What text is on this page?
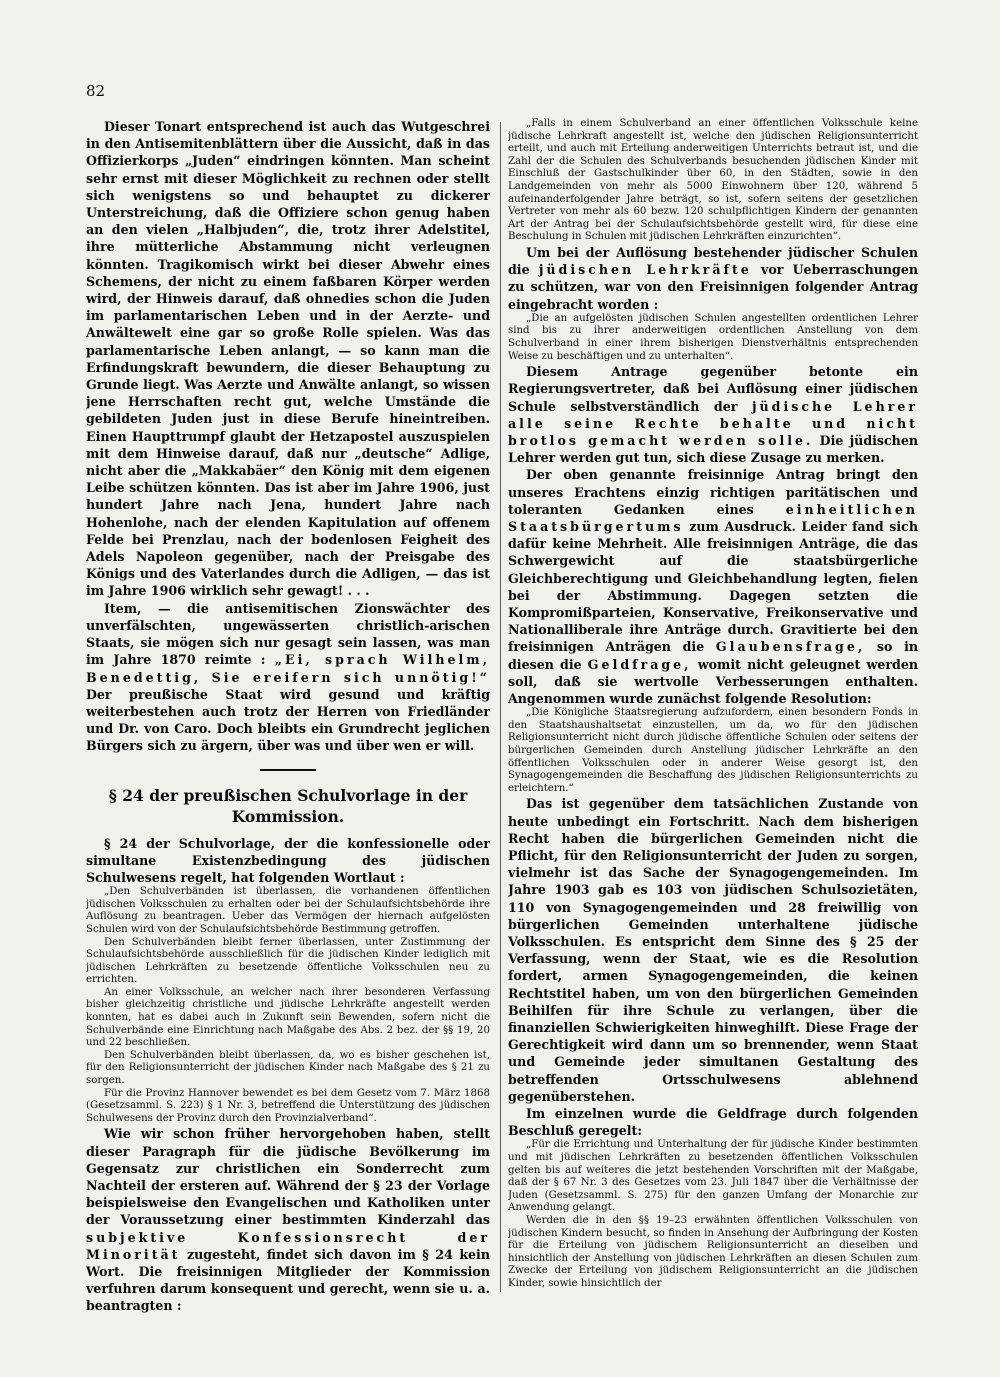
82

Dieser Tonart entsprechend ist auch das Wutgeschrei in den Antisemitenblättern über die Aussicht, daß in das Offizierkorps „Juden“ eindringen könnten. Man scheint sehr ernst mit dieser Möglichkeit zu rechnen oder stellt sich wenigstens so und behauptet zu dickerer Unterstreichung, daß die Offiziere schon genug haben an den vielen „Halbjuden“, die, trotz ihrer Adelstitel, ihre mütterliche Abstammung nicht verleugnen könnten. Tragikomisch wirkt bei dieser Abwehr eines Schemens, der nicht zu einem faßbaren Körper werden wird, der Hinweis darauf, daß ohnedies schon die Juden im parlamentarischen Leben und in der Aerzte- und Anwältewelt eine gar so große Rolle spielen. Was das parlamentarische Leben anlangt, — so kann man die Erfindungskraft bewundern, die dieser Behauptung zu Grunde liegt. Was Aerzte und Anwälte anlangt, so wissen jene Herrschaften recht gut, welche Umstände die gebildeten Juden just in diese Berufe hineintreiben. Einen Haupttrumpf glaubt der Hetzapostel auszuspielen mit dem Hinweise darauf, daß nur „deutsche“ Adlige, nicht aber die „Makkabäer“ den König mit dem eigenen Leibe schützen könnten. Das ist aber im Jahre 1906, just hundert Jahre nach Jena, hundert Jahre nach Hohenlohe, nach der elenden Kapitulation auf offenem Felde bei Prenzlau, nach der bodenlosen Feigheit des Adels Napoleon gegenüber, nach der Preisgabe des Königs und des Vaterlandes durch die Adligen, — das ist im Jahre 1906 wirklich sehr gewagt! . . .

Item, — die antisemitischen Zionswächter des unverfälschten, ungewässerten christlich-arischen Staats, sie mögen sich nur gesagt sein lassen, was man im Jahre 1870 reimte : „Ei, sprach Wilhelm, Benedettig, Sie ereifern sich unnötig!“ Der preußische Staat wird gesund und kräftig weiterbestehen auch trotz der Herren von Friedländer und Dr. von Caro. Doch bleibts ein Grundrecht jeglichen Bürgers sich zu ärgern, über was und über wen er will.

§ 24 der preußischen Schulvorlage in der Kommission.

§ 24 der Schulvorlage, der die konfessionelle oder simultane Existenzbedingung des jüdischen Schulwesens regelt, hat folgenden Wortlaut :

„Den Schulverbänden ist überlassen, die vorhandenen öffentlichen jüdischen Volksschulen zu erhalten oder bei der Schulaufsichtsbehörde ihre Auflösung zu beantragen. Ueber das Vermögen der hiernach aufgelösten Schulen wird von der Schulaufsichtsbehörde Bestimmung getroffen.

Den Schulverbänden bleibt ferner überlassen, unter Zustimmung der Schulaufsichtsbehörde ausschließlich für die jüdischen Kinder lediglich mit jüdischen Lehrkräften zu besetzende öffentliche Volksschulen neu zu errichten.

An einer Volksschule, an welcher nach ihrer besonderen Verfassung bisher gleichzeitig christliche und jüdische Lehrkräfte angestellt werden konnten, hat es dabei auch in Zukunft sein Bewenden, sofern nicht die Schulverbände eine Einrichtung nach Maßgabe des Abs. 2 bez. der §§ 19, 20 und 22 beschließen.

Den Schulverbänden bleibt überlassen, da, wo es bisher geschehen ist, für den Religionsunterricht der jüdischen Kinder nach Maßgabe des § 21 zu sorgen.

Für die Provinz Hannover bewendet es bei dem Gesetz vom 7. März 1868 (Gesetzsamml. S. 223) § 1 Nr. 3, betreffend die Unterstützung des jüdischen Schulwesens der Provinz durch den Provinzialverband“.

Wie wir schon früher hervorgehoben haben, stellt dieser Paragraph für die jüdische Bevölkerung im Gegensatz zur christlichen ein Sonderrecht zum Nachteil der ersteren auf. Während der § 23 der Vorlage beispielsweise den Evangelischen und Katholiken unter der Voraussetzung einer bestimmten Kinderzahl das subjektive Konfessionsrecht der Minorität zugesteht, findet sich davon im § 24 kein Wort. Die freisinnigen Mitglieder der Kommission verfuhren darum konsequent und gerecht, wenn sie u. a. beantragten :

„Falls in einem Schulverband an einer öffentlichen Volksschule keine jüdische Lehrkraft angestellt ist, welche den jüdischen Religionsunterricht erteilt, und auch mit Erteilung anderweitigen Unterrichts betraut ist, und die Zahl der die Schulen des Schulverbands besuchenden jüdischen Kinder mit Einschluß der Gastschulkinder über 60, in den Städten, sowie in den Landgemeinden von mehr als 5000 Einwohnern über 120, während 5 aufeinanderfolgender Jahre beträgt, so ist, sofern seitens der gesetzlichen Vertreter von mehr als 60 bezw. 120 schulpflichtigen Kindern der genannten Art der Antrag bei der Schulaufsichtsbehörde gestellt wird, für diese eine Beschulung in Schulen mit jüdischen Lehrkräften einzurichten“.

Um bei der Auflösung bestehender jüdischer Schulen die jüdischen Lehrkräfte vor Ueberraschungen zu schützen, war von den Freisinnigen folgender Antrag eingebracht worden :

„Die an aufgelösten jüdischen Schulen angestellten ordentlichen Lehrer sind bis zu ihrer anderweitigen ordentlichen Anstellung von dem Schulverband in einer ihrem bisherigen Dienstverhältnis entsprechenden Weise zu beschäftigen und zu unterhalten“.

Diesem Antrage gegenüber betonte ein Regierungsvertreter, daß bei Auflösung einer jüdischen Schule selbstverständlich der jüdische Lehrer alle seine Rechte behalte und nicht brotlos gemacht werden solle. Die jüdischen Lehrer werden gut tun, sich diese Zusage zu merken.

Der oben genannte freisinnige Antrag bringt den unseres Erachtens einzig richtigen paritätischen und toleranten Gedanken eines	einheitlichen Staatsbürgertums zum Ausdruck. Leider fand sich dafür keine Mehrheit. Alle freisinnigen Anträge, die das Schwergewicht auf die staatsbürgerliche Gleichberechtigung und Gleichbehandlung legten, fielen bei der Abstimmung. Dagegen setzten die Kompromißparteien, Konservative, Freikonservative und Nationalliberale ihre Anträge durch. Gravitierte bei den freisinnigen Anträgen die Glaubensfrage, so in diesen die Geldfrage, womit nicht geleugnet werden soll, daß sie wertvolle Verbesserungen enthalten. Angenommen wurde zunächst folgende Resolution:

„Die Königliche Staatsregierung aufzufordern, einen besondern Fonds in den Staatshaushaltsetat einzustellen, um da, wo für den jüdischen Religionsunterricht nicht durch jüdische öffentliche Schulen oder seitens der bürgerlichen Gemeinden durch Anstellung jüdischer Lehrkräfte an den öffentlichen Volksschulen oder in anderer Weise gesorgt ist, den Synagogengemeinden die Beschaffung des jüdischen Religionsunterrichts zu erleichtern.“

Das ist gegenüber dem tatsächlichen Zustande von heute unbedingt ein Fortschritt. Nach dem bisherigen Recht haben die bürgerlichen Gemeinden nicht die Pflicht, für den Religionsunterricht der Juden zu sorgen, vielmehr ist das Sache der Synagogengemeinden. Im Jahre 1903 gab es 103 von jüdischen Schulsozietäten, 110 von Synagogengemeinden und 28 freiwillig von bürgerlichen Gemeinden unterhaltene jüdische Volksschulen. Es entspricht dem Sinne des § 25 der Verfassung, wenn der Staat, wie es die Resolution fordert, armen Synagogengemeinden, die keinen Rechtstitel haben, um von den bürgerlichen Gemeinden Beihilfen für ihre Schule zu verlangen, über die finanziellen Schwierigkeiten hinweghilft. Diese Frage der Gerechtigkeit wird dann um so brennender, wenn Staat und Gemeinde jeder simultanen Gestaltung des betreffenden Ortsschulwesens ablehnend gegenüberstehen.

Im einzelnen wurde die Geldfrage durch folgenden Beschluß geregelt:

„Für die Errichtung und Unterhaltung der für jüdische Kinder bestimmten und mit jüdischen Lehrkräften zu besetzenden öffentlichen Volksschulen gelten bis auf weiteres die jetzt bestehenden Vorschriften mit der Maßgabe, daß der § 67 Nr. 3 des Gesetzes vom 23. Juli 1847 über die Verhältnisse der Juden (Gesetzsamml. S. 275) für den ganzen Umfang der Monarchie zur Anwendung gelangt.

Werden die in den §§ 19–23 erwähnten öffentlichen Volksschulen von jüdischen Kindern besucht, so finden in Ansehung der Aufbringung der Kosten für die Erteilung von jüdischem Religionsunterricht an dieselben und hinsichtlich der Anstellung von jüdischen Lehrkräften an diesen Schulen zum Zwecke der Erteilung von jüdischem Religionsunterricht an die jüdischen Kinder, sowie hinsichtlich der
